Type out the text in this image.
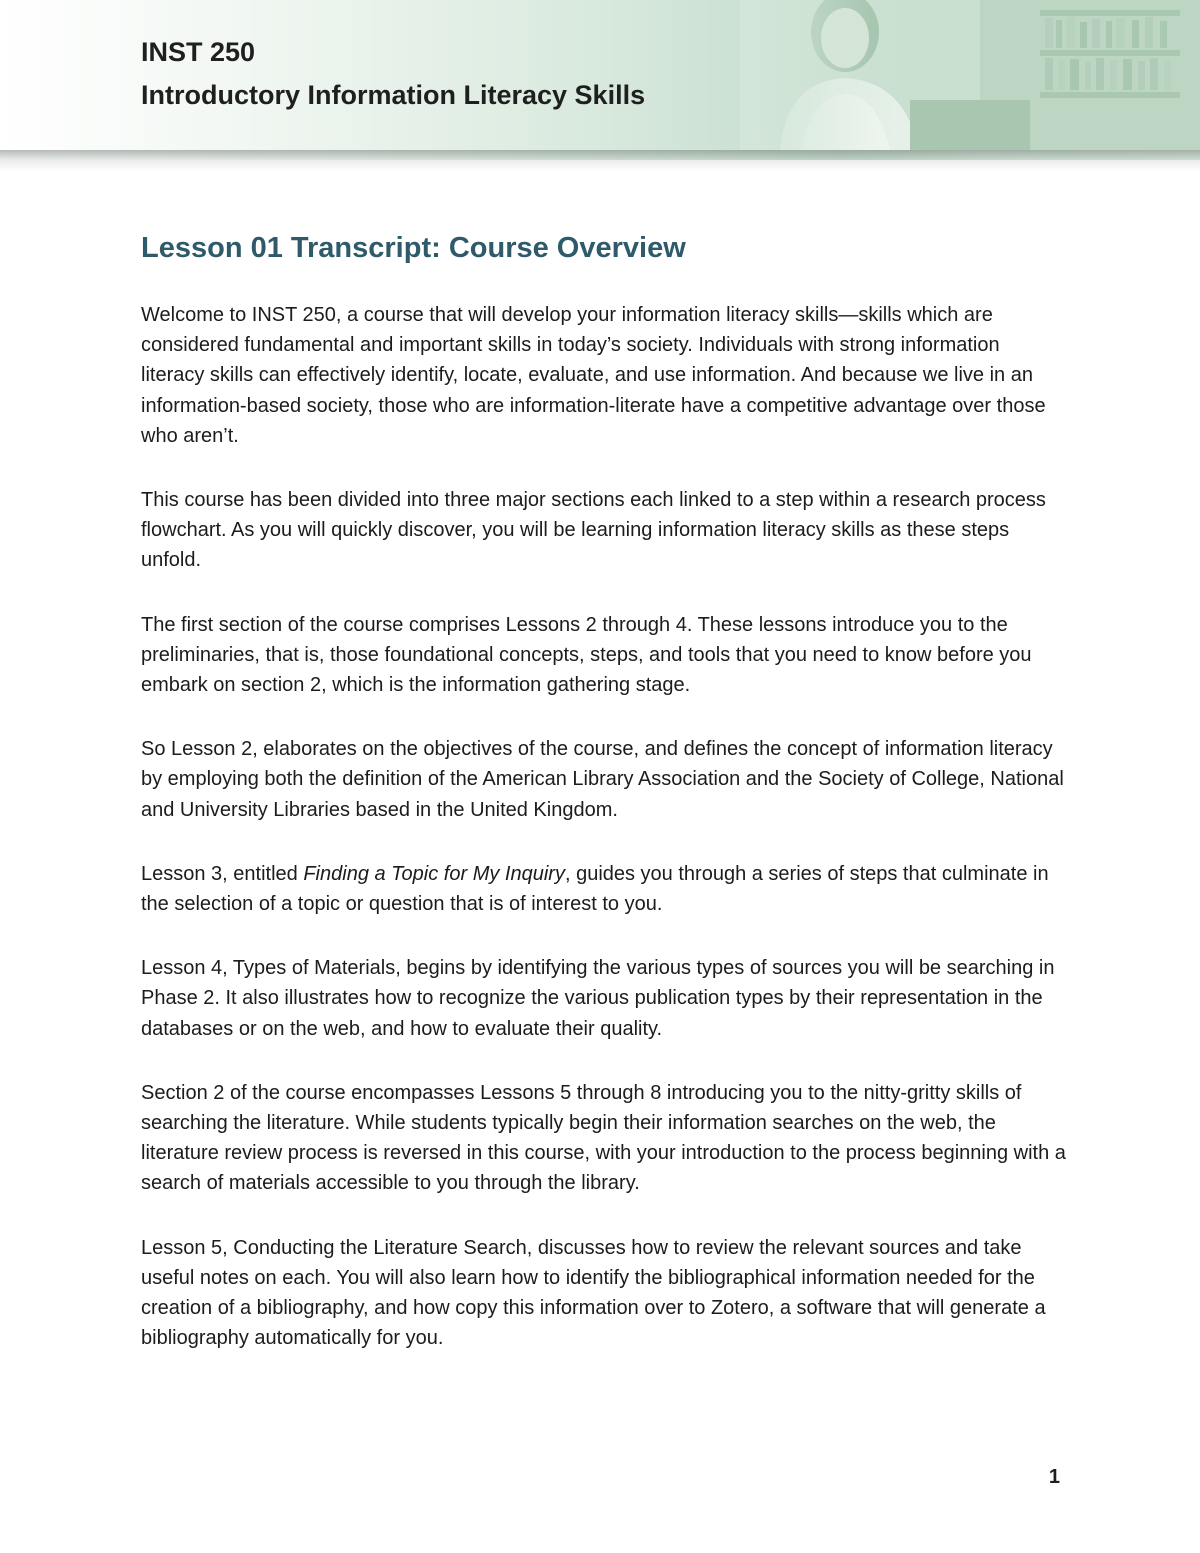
INST 250

Introductory Information Literacy Skills

Lesson 01 Transcript: Course Overview

Welcome to INST 250, a course that will develop your information literacy skills—skills which are considered fundamental and important skills in today’s society. Individuals with strong information literacy skills can effectively identify, locate, evaluate, and use information. And because we live in an information-based society, those who are information-literate have a competitive advantage over those who aren’t.

This course has been divided into three major sections each linked to a step within a research process flowchart. As you will quickly discover, you will be learning information literacy skills as these steps unfold.

The first section of the course comprises Lessons 2 through 4. These lessons introduce you to the preliminaries, that is, those foundational concepts, steps, and tools that you need to know before you embark on section 2, which is the information gathering stage.

So Lesson 2, elaborates on the objectives of the course, and defines the concept of information literacy by employing both the definition of the American Library Association and the Society of College, National and University Libraries based in the United Kingdom.

Lesson 3, entitled Finding a Topic for My Inquiry, guides you through a series of steps that culminate in the selection of a topic or question that is of interest to you.

Lesson 4, Types of Materials, begins by identifying the various types of sources you will be searching in Phase 2. It also illustrates how to recognize the various publication types by their representation in the databases or on the web, and how to evaluate their quality.

Section 2 of the course encompasses Lessons 5 through 8 introducing you to the nitty-gritty skills of searching the literature. While students typically begin their information searches on the web, the literature review process is reversed in this course, with your introduction to the process beginning with a search of materials accessible to you through the library.

Lesson 5, Conducting the Literature Search, discusses how to review the relevant sources and take useful notes on each. You will also learn how to identify the bibliographical information needed for the creation of a bibliography, and how copy this information over to Zotero, a software that will generate a bibliography automatically for you.

1
